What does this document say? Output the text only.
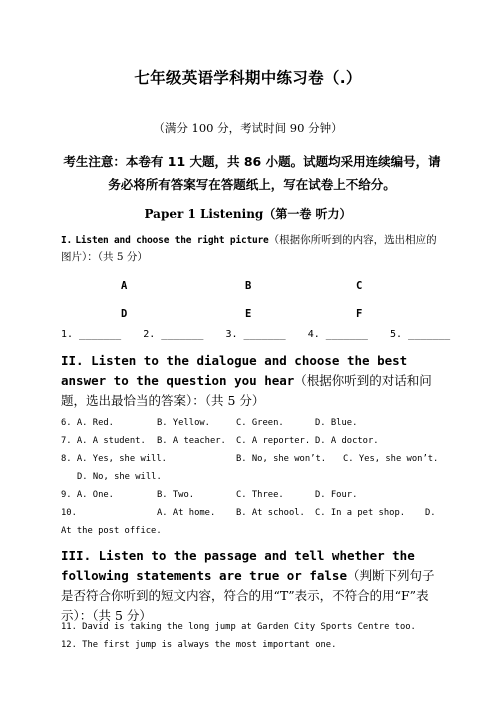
七年级英语学科期中练习卷（.）
（满分 100 分，考试时间 90 分钟）
考生注意：本卷有 11 大题，共 86 小题。试题均采用连续编号，请务必将所有答案写在答题纸上，写在试卷上不给分。
Paper 1 Listening（第一卷 听力）
I. Listen and choose the right picture（根据你所听到的内容，选出相应的图片）：（共 5 分）
A	B	C
D	E	F
1. _______ 2. _______ 3. _______ 4. _______ 5. _______
II. Listen to the dialogue and choose the best answer to the question you hear（根据你听到的对话和问题，选出最恰当的答案）：（共 5 分）
6. A. Red.	B. Yellow.	C. Green.	D. Blue.
7. A. A student. B. A teacher. C. A reporter. D. A doctor.
8. A. Yes, she will.	B. No, she won’t. C. Yes, she won’t.
D. No, she will.
9. A. One.	B. Two.	C. Three.	D. Four.
10.	A. At home. B. At school. C. In a pet shop. D.
At the post office.
III. Listen to the passage and tell whether the following statements are true or false（判断下列句子是否符合你听到的短文内容，符合的用“T”表示，不符合的用“F”表示）：（共 5 分）
11. David is taking the long jump at Garden City Sports Centre too.
12. The first jump is always the most important one.
